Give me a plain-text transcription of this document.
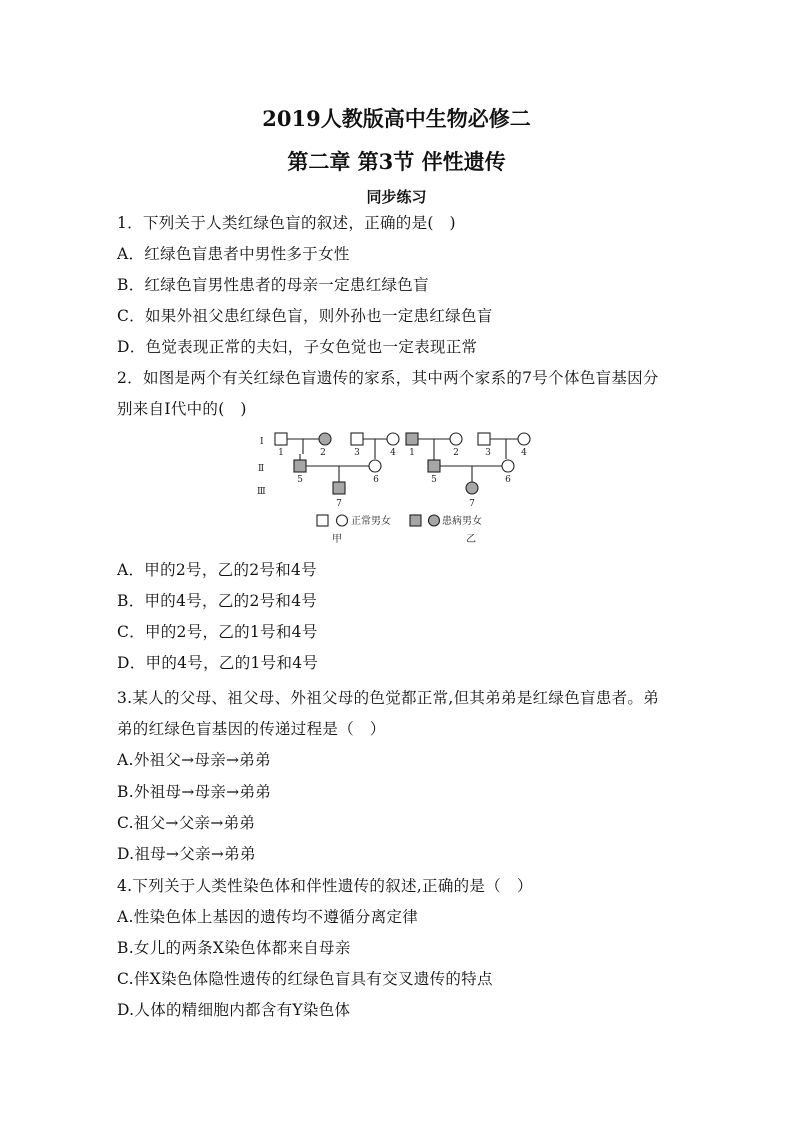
2019人教版高中生物必修二
第二章 第3节 伴性遗传
同步练习
1．下列关于人类红绿色盲的叙述，正确的是(　)
A．红绿色盲患者中男性多于女性
B．红绿色盲男性患者的母亲一定患红绿色盲
C．如果外祖父患红绿色盲，则外孙也一定患红绿色盲
D．色觉表现正常的夫妇，子女色觉也一定表现正常
2．如图是两个有关红绿色盲遗传的家系，其中两个家系的7号个体色盲基因分
别来自Ⅰ代中的(　)
Ⅰ
Ⅱ
Ⅲ
1	2	3	4
5	6
7
1	2	3	4
5	6
7
正常男女	患病男女
甲	乙
A．甲的2号，乙的2号和4号
B．甲的4号，乙的2号和4号
C．甲的2号，乙的1号和4号
D．甲的4号，乙的1号和4号
3.某人的父母、祖父母、外祖父母的色觉都正常,但其弟弟是红绿色盲患者。弟
弟的红绿色盲基因的传递过程是（　）
A.外祖父→母亲→弟弟
B.外祖母→母亲→弟弟
C.祖父→父亲→弟弟
D.祖母→父亲→弟弟
4.下列关于人类性染色体和伴性遗传的叙述,正确的是（　）
A.性染色体上基因的遗传均不遵循分离定律
B.女儿的两条X染色体都来自母亲
C.伴X染色体隐性遗传的红绿色盲具有交叉遗传的特点
D.人体的精细胞内都含有Y染色体
